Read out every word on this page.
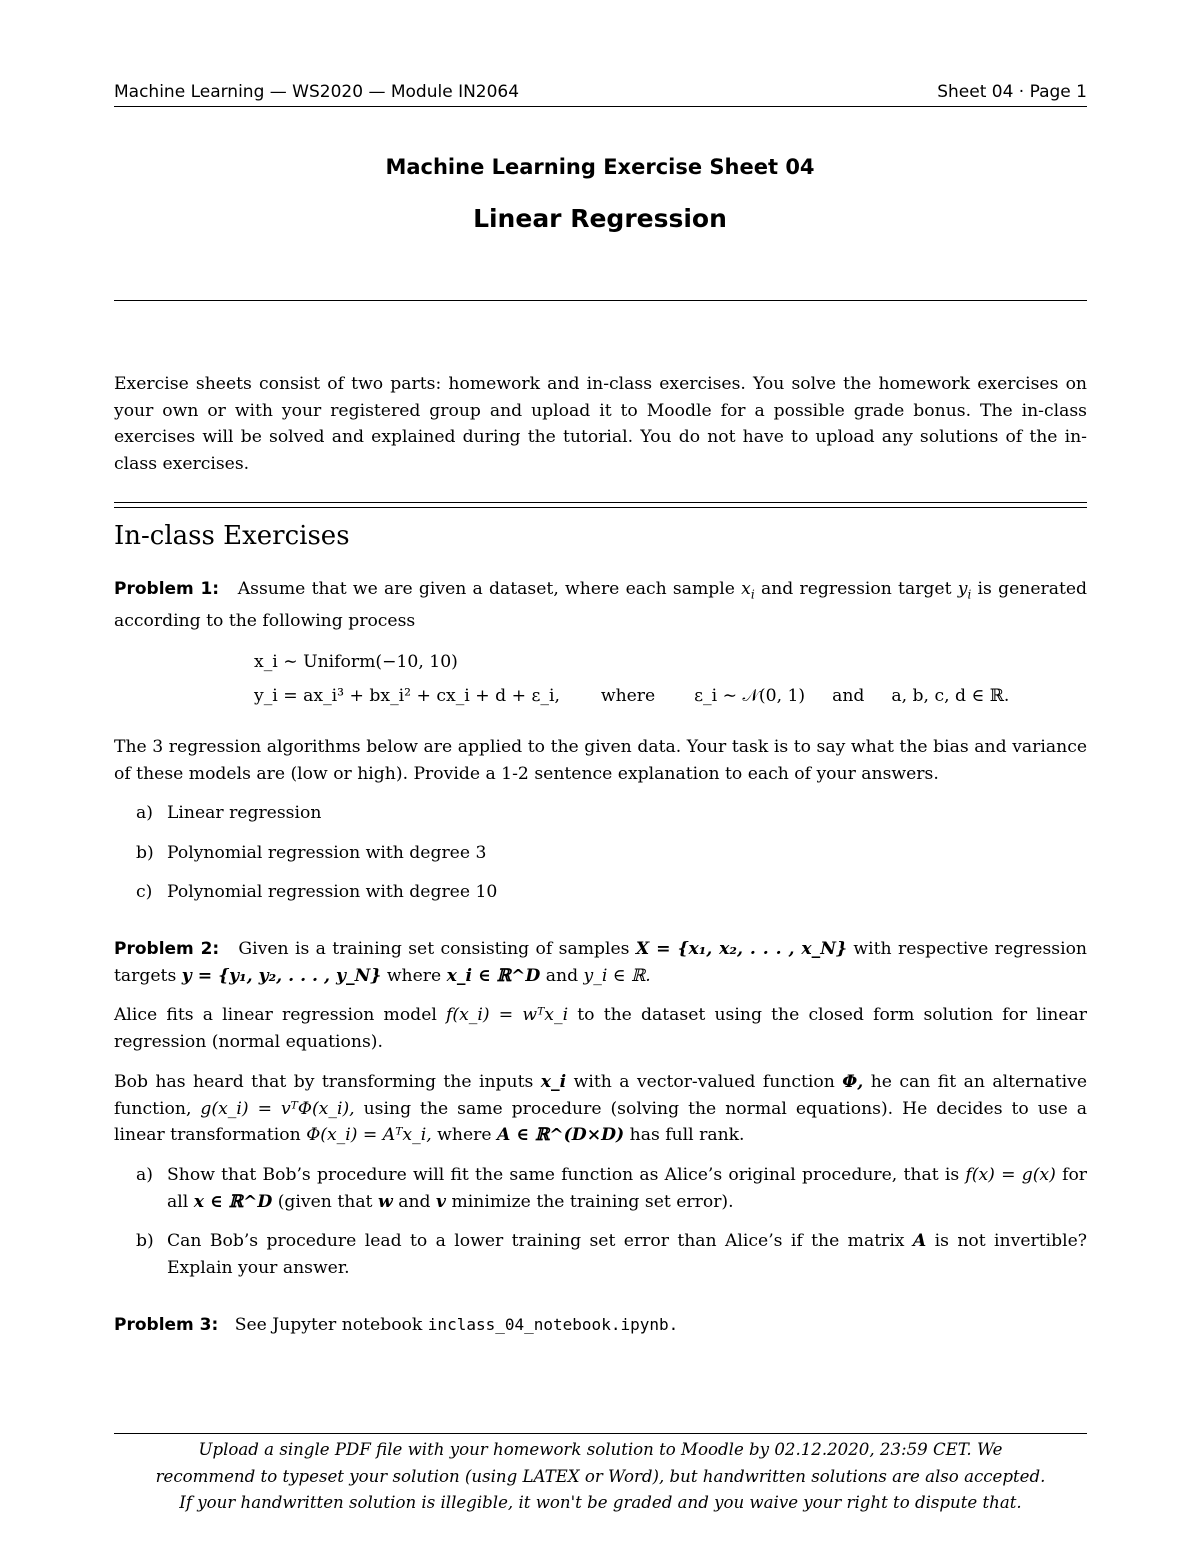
Machine Learning — WS2020 — Module IN2064	Sheet 04 · Page 1
Machine Learning Exercise Sheet 04
Linear Regression

Exercise sheets consist of two parts: homework and in-class exercises. You solve the homework exercises on your own or with your registered group and upload it to Moodle for a possible grade bonus. The in-class exercises will be solved and explained during the tutorial. You do not have to upload any solutions of the in-class exercises.

In-class Exercises

Problem 1: Assume that we are given a dataset, where each sample $x_i$ and regression target $y_i$ is generated according to the following process

x_i ∼ Uniform(−10, 10)
y_i = ax_i³ + bx_i² + cx_i + d + ε_i, where ε_i ∼ 𝒩(0, 1) and a, b, c, d ∈ ℝ.

The 3 regression algorithms below are applied to the given data. Your task is to say what the bias and variance of these models are (low or high). Provide a 1-2 sentence explanation to each of your answers.

a) Linear regression
b) Polynomial regression with degree 3
c) Polynomial regression with degree 10

Problem 2: Given is a training set consisting of samples X = {x₁, x₂, . . . , x_N} with respective regression targets y = {y₁, y₂, . . . , y_N} where x_i ∈ ℝ^D and y_i ∈ ℝ.

Alice fits a linear regression model f(x_i) = wᵀx_i to the dataset using the closed form solution for linear regression (normal equations).

Bob has heard that by transforming the inputs x_i with a vector-valued function Φ, he can fit an alternative function, g(x_i) = vᵀΦ(x_i), using the same procedure (solving the normal equations). He decides to use a linear transformation Φ(x_i) = Aᵀx_i, where A ∈ ℝ^(D×D) has full rank.

a) Show that Bob’s procedure will fit the same function as Alice’s original procedure, that is f(x) = g(x) for all x ∈ ℝ^D (given that w and v minimize the training set error).
b) Can Bob’s procedure lead to a lower training set error than Alice’s if the matrix A is not invertible? Explain your answer.

Problem 3: See Jupyter notebook inclass_04_notebook.ipynb.

Upload a single PDF file with your homework solution to Moodle by 02.12.2020, 23:59 CET. We

recommend to typeset your solution (using LATEX or Word), but handwritten solutions are also accepted.

If your handwritten solution is illegible, it won't be graded and you waive your right to dispute that.
